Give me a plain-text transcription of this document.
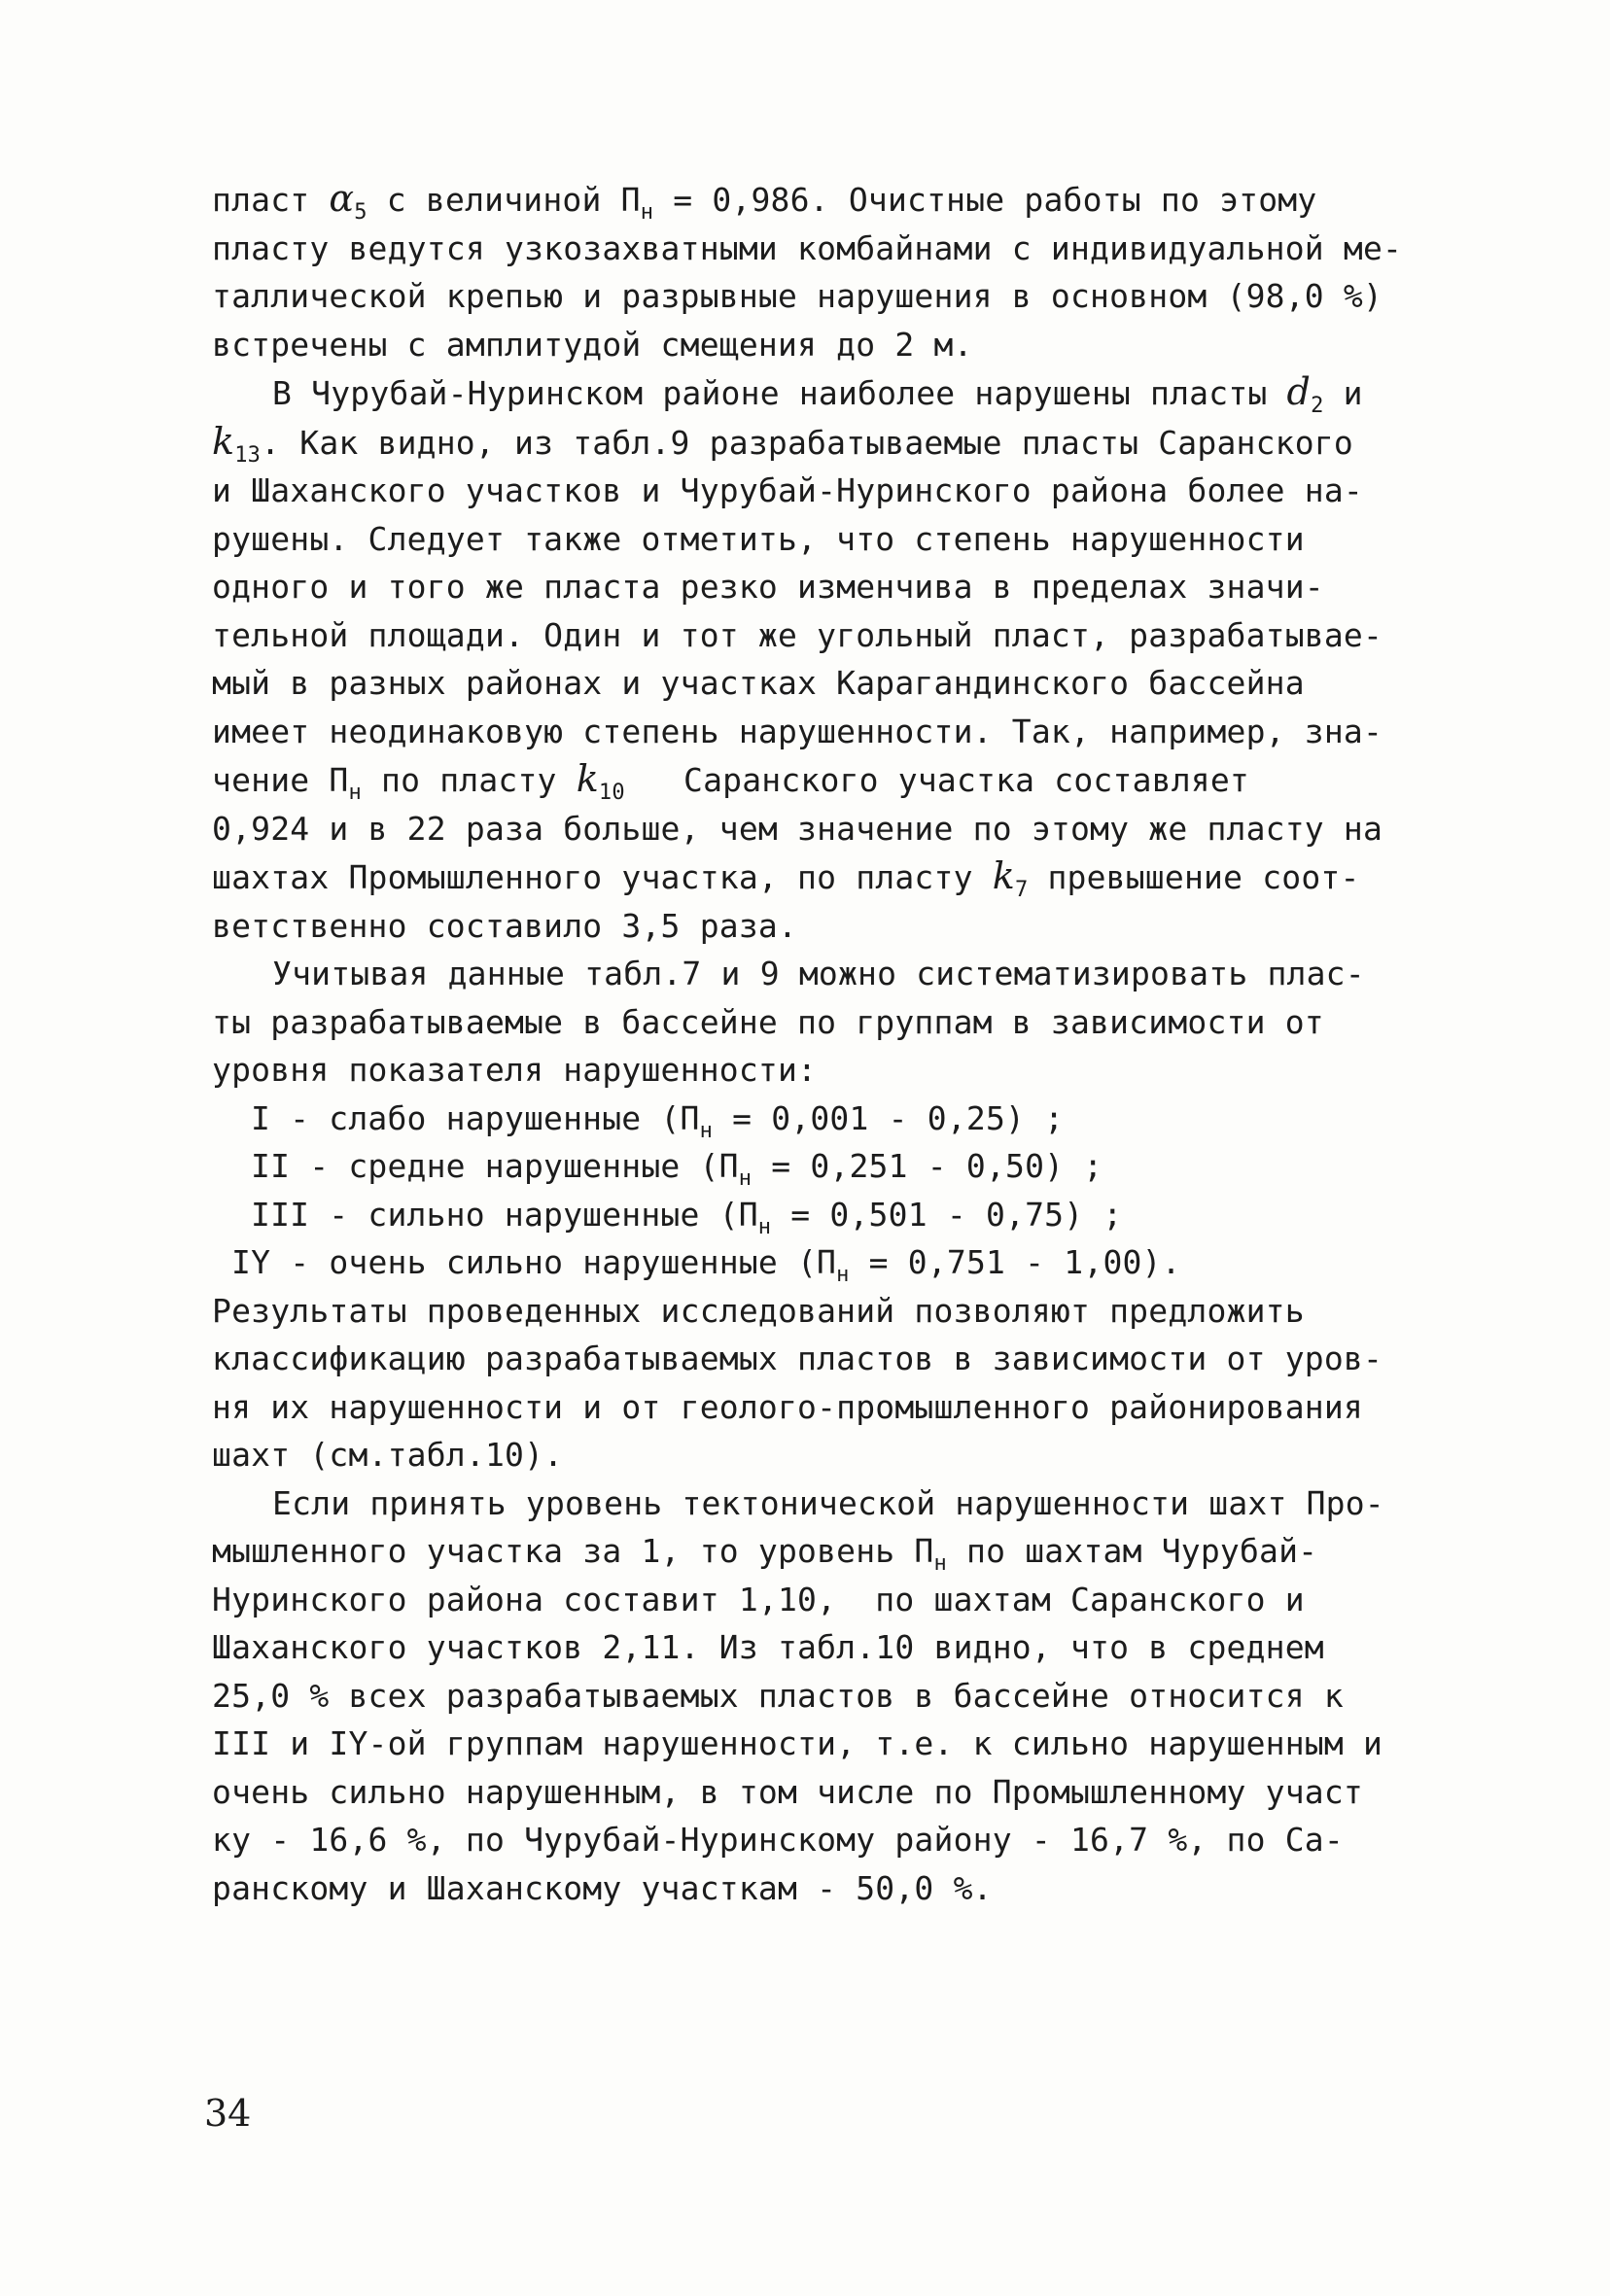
пласт $\alpha_5$ с величиной $П_н = 0,986$. Очистные работы по этому
пласту ведутся узкозахватными комбайнами с индивидуальной ме-
таллической крепью и разрывные нарушения в основном (98,0 %)
встречены с амплитудой смещения до 2 м.
В Чурубай-Нуринском районе наиболее нарушены пласты $d_2$ и
$k_{13}$. Как видно, из табл.9 разрабатываемые пласты Саранского
и Шаханского участков и Чурубай-Нуринского района более на-
рушены. Следует также отметить, что степень нарушенности
одного и того же пласта резко изменчива в пределах значи-
тельной площади. Один и тот же угольный пласт, разрабатывае-
мый в разных районах и участках Карагандинского бассейна
имеет неодинаковую степень нарушенности. Так, например, зна-
чение $П_н$ по пласту $k_{10}$   Саранского участка составляет
0,924 и в 22 раза больше, чем значение по этому же пласту на
шахтах Промышленного участка, по пласту $k_7$ превышение соот-
ветственно составило 3,5 раза.
Учитывая данные табл.7 и 9 можно систематизировать плас-
ты разрабатываемые в бассейне по группам в зависимости от
уровня показателя нарушенности:
I - слабо нарушенные $(П_н = 0,001 - 0,25)$ ;
II - средне нарушенные $(П_н = 0,251 - 0,50)$ ;
III - сильно нарушенные $(П_н = 0,501 - 0,75)$ ;
IY - очень сильно нарушенные $(П_н = 0,751 - 1,00)$.
Результаты проведенных исследований позволяют предложить
классификацию разрабатываемых пластов в зависимости от уров-
ня их нарушенности и от геолого-промышленного районирования
шахт (см.табл.10).
Если принять уровень тектонической нарушенности шахт Про-
мышленного участка за 1, то уровень $П_н$ по шахтам Чурубай-
Нуринского района составит 1,10,  по шахтам Саранского и
Шаханского участков 2,11. Из табл.10 видно, что в среднем
25,0 % всех разрабатываемых пластов в бассейне относится к
III и IY-ой группам нарушенности, т.е. к сильно нарушенным и
очень сильно нарушенным, в том числе по Промышленному участ
ку - 16,6 %, по Чурубай-Нуринскому району - 16,7 %, по Са-
ранскому и Шаханскому участкам - 50,0 %.
34
